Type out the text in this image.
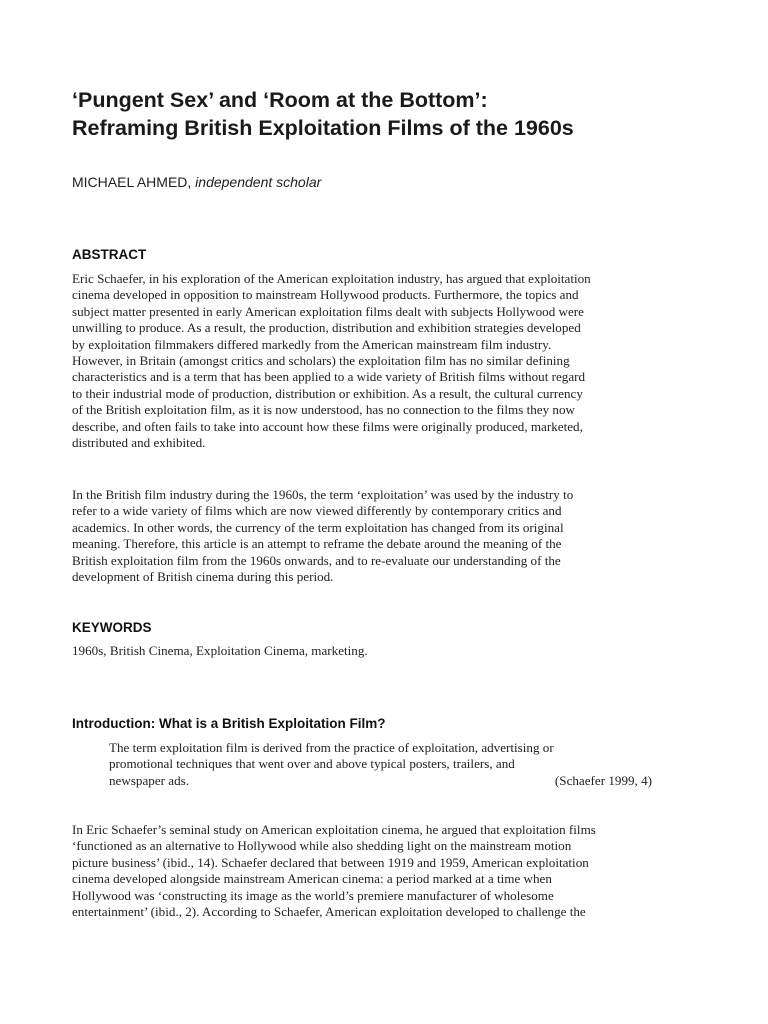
‘Pungent Sex’ and ‘Room at the Bottom’:
Reframing British Exploitation Films of the 1960s
MICHAEL AHMED, independent scholar
ABSTRACT
Eric Schaefer, in his exploration of the American exploitation industry, has argued that exploitation
cinema developed in opposition to mainstream Hollywood products. Furthermore, the topics and
subject matter presented in early American exploitation films dealt with subjects Hollywood were
unwilling to produce. As a result, the production, distribution and exhibition strategies developed
by exploitation filmmakers differed markedly from the American mainstream film industry.
However, in Britain (amongst critics and scholars) the exploitation film has no similar defining
characteristics and is a term that has been applied to a wide variety of British films without regard
to their industrial mode of production, distribution or exhibition. As a result, the cultural currency
of the British exploitation film, as it is now understood, has no connection to the films they now
describe, and often fails to take into account how these films were originally produced, marketed,
distributed and exhibited.
In the British film industry during the 1960s, the term ‘exploitation’ was used by the industry to
refer to a wide variety of films which are now viewed differently by contemporary critics and
academics. In other words, the currency of the term exploitation has changed from its original
meaning. Therefore, this article is an attempt to reframe the debate around the meaning of the
British exploitation film from the 1960s onwards, and to re-evaluate our understanding of the
development of British cinema during this period.
KEYWORDS

1960s, British Cinema, Exploitation Cinema, marketing.

Introduction: What is a British Exploitation Film?
The term exploitation film is derived from the practice of exploitation, advertising or
promotional techniques that went over and above typical posters, trailers, and
newspaper ads.	(Schaefer 1999, 4)
In Eric Schaefer’s seminal study on American exploitation cinema, he argued that exploitation films
‘functioned as an alternative to Hollywood while also shedding light on the mainstream motion
picture business’ (ibid., 14). Schaefer declared that between 1919 and 1959, American exploitation
cinema developed alongside mainstream American cinema: a period marked at a time when
Hollywood was ‘constructing its image as the world’s premiere manufacturer of wholesome
entertainment’ (ibid., 2). According to Schaefer, American exploitation developed to challenge the
